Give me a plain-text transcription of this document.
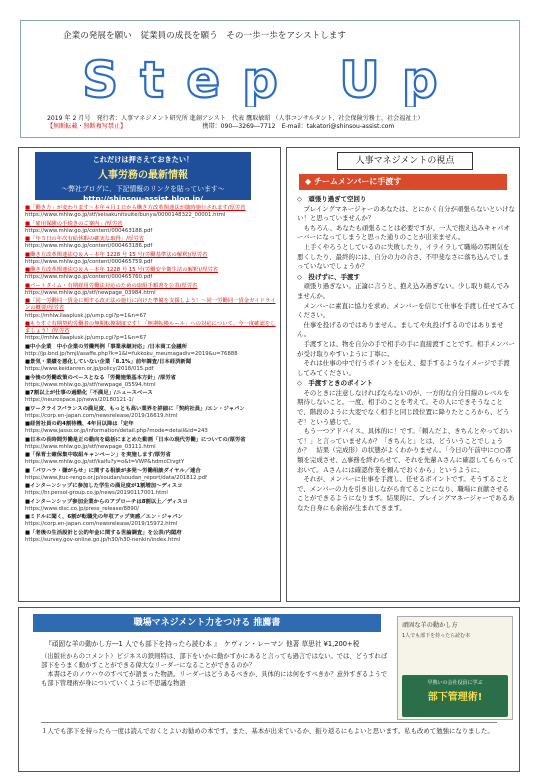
企業の発展を願い　従業員の成長を願う　その一歩一歩をアシストします
Step Up
2019 年 2 月号　発行者：人事マネジメント研究所 進創アシスト　代表 鷹取敏昭 （人事コンサルタント，社会保険労務士，社会福祉士）
【無断転載・無断複写禁止】　　　　　　　　　　　　　	携帯：090―3269―7712　E-mail：takatori@shinsou-assist.com
これだけは押さえておきたい！
人事労務の最新情報
～弊社ブログに、下記情報のリンクを貼っています～
http://shinsou-assist.blog.jp/
■「働き方」が変わります～本年４月１日から働き方改革関連法が随時施行されます/厚労省
https://www.mhlw.go.jp/stf/seisakunitsuite/bunya/0000148322_00001.html
■「雇用保険の手続きのご案内」/厚労省
https://www.mhlw.go.jp/content/000463188.pdf
■「年５日の年次有給休暇の確実な取得」/厚労省
https://www.mhlw.go.jp/content/000463186.pdf
■働き方改革関連法Ｑ＆Ａ－本年 1228 号 15 号(労働基準法の解釈)/厚労省
https://www.mhlw.go.jp/content/000465759.pdf
■働き方改革関連法Ｑ＆Ａ－本年 1228 号 15 号(労働安全衛生法の解釈)/厚労省
https://www.mhlw.go.jp/content/000465760.pdf
■パートタイム・有期雇用労働法対応のための取組手順書を公表/厚労省
https://www.mhlw.go.jp/stf/newpage_03984.html
■「同一労働同一賃金に関する改正法の施行に向けた準備を支援しよう！～同一労働同一賃金ガイドラインの概要/厚労省
https://mhlw.ilaaplusk.jp/ump.cgi?p=1&n=67
■もうすぐ有期契約労働者の無期転換制度です！「無期転換ルール」への対応について、今一度確認をしましょう！/厚労省
https://mhlw.ilaaplusk.jp/ump.cgi?p=1&n=67
■中小企業　中小企業の労働判例「事業承継対応」/日本商工会議所
http://jp.bnd.jp/hmjl/asaffe.php?k=1&l=fukkoku_meumagadiv=2019&u=76888
■景気・業績を悪化していない企業「8.1%」前年調査/日本経済新聞
https://www.keidanren.or.jp/policy/2018/015.pdf
■今後の労働政策のベースとなる「労働施策基本方針」/厚労省
https://www.mhlw.go.jp/stf/newpage_05594.html
■7割以上が仕事の過酷化「不満足」/ニュースベース
https://neurospace.jp/news/20180121-1/
■ワークライフバランスの満足度、もっとも高い業界を詳細に「契約社員」/エン・ジャパン
https://corp.en-japan.com/newsrelease/2019/16619.html
■経営社員の約4割待機、4年目以降は「定年
https://www.jasso.or.jp/information/detail.php?mode=detail&id=243
■日本の長時間労働是正の動向を総括にまとめた動画「日本の現代労働」についての/厚労省
https://www.mhlw.go.jp/stf/newpage_03111.html
■「保育士確保集中取組キャンペーン」を実施します/厚労省
https://www.mhlw.go.jp/stf/kaifu?y=o&t=VWP&hdmcCtvgtY
■「パワハラ・嫌がらせ」に関する相談が多発～労働相談ダイヤル／連合
https://www.jtuc-rengo.or.jp/soudan/soudan_report/data/201812.pdf
■インターンシップに参加した学生の満足度が1割増加～ディスコ
https://hr.persol-group.co.jp/news/20190117001.html
■インターンシップ参加企業からのアプローチは8割以上／ディスコ
https://www.disc.co.jp/press_release/8890/
■ミドルに聞く、6割が転職先の年収アップ実感／エン・ジャパン
https://corp.en-japan.com/newsrelease/2019/15972.html
■「老後の生活設計と公的年金に関する世論調査」を公表/内閣府
https://survey.gov-online.go.jp/h30/h30-nenkin/index.html
人事マネジメントの視点
◆ チームメンバーに手渡す
◇　頑張り過ぎて空回り

　プレイングマネージャーのあなたは、とにかく自分が頑張らないといけない！と思っていませんか？
　もちろん、あなたも頑張ることは必要ですが、一人で抱え込みキャパオーバーになってしまうと思った通りのことが出来ません。
　上手くやろうとしているのに失敗したり、イライラして職場の雰囲気を悪くしたり、最終的には、自分の力の合さ、不甲斐なさに落ち込んでしまっていないでしょうか？

◇　投げずに、手渡す

　頑張り過ぎない。正論に言うと、抱え込み過ぎない。少し取り組んでみませんか。
　メンバーに素直に協力を求め、メンバーを信じて仕事を手渡し任せてみてください。
　仕事を投げるのではありません。ましてや丸投げするのではありません。
　手渡すとは、物を自分の手で相手の手に直接渡すことです。相手メンバーが受け取りやすいように丁寧に。
　それは仕事の中で行うポイントを伝え、提手するようなイメージで手渡してみてください。

◇　手渡すときのポイント

　そのときに注意しなければならないのが、一方的な自分目線のレベルを期待しないこと。一度、相手のことを考えて、その人にできそうなことで、階段のように大変でなく相手と同じ段位置に降りたところから、どうぞ！という感じで。
　もう一つアドバイス。具体的に！です。「頼んだよ、きちんとやっておいて！」と言っていませんか？「きちんと」とは、どういうことでしょうか？　結果（完成形）の状態がよくわかりません。「今日の午前中に○○書類を完成させ、△事務を終わらせて、それを先輩Ａさんに確認してもらっておいて。Ａさんには確認作業を頼んでおくから」というように。
　それが、メンバーに仕事を手渡し、任せるポイントです。そうすることで、メンバーの力を引き出しながら育てることになり、職場に貢献させることができるようになります。結果的に、プレイングマネージャーであるあなた自身にも余裕が生まれてきます。

職場マネジメント力をつける 推薦書
『頑固な羊の動かし方―1 人でも部下を持ったら読む本 』　ケヴィン・レーマン 他著 草思社 ¥1,200+税
（出版社からのコメント）ビジネスの鉄則特は、部下をいかに動かすかにあると言っても過言ではない。では、どうすれば部下をうまく動かすことができる偉大なリーダーになることができるのか？
　本書はそのノウハウのすべてが語まった物語。リーダーはどうあるべきか、具体的には何をすべきか？意外すぎるようでも部下管理術が身についていくように不思議な物語
１人でも部下を持ったら一度は読んでおくとよいお勧めの本です。また、基本が出来ているか、振り返るにもよいと思います。私も改めて勉強になりました。
頑固な羊の動かし方
1人でも部下を持ったら読む本
早熟いの会社役員に学ぶ
部下管理術!
